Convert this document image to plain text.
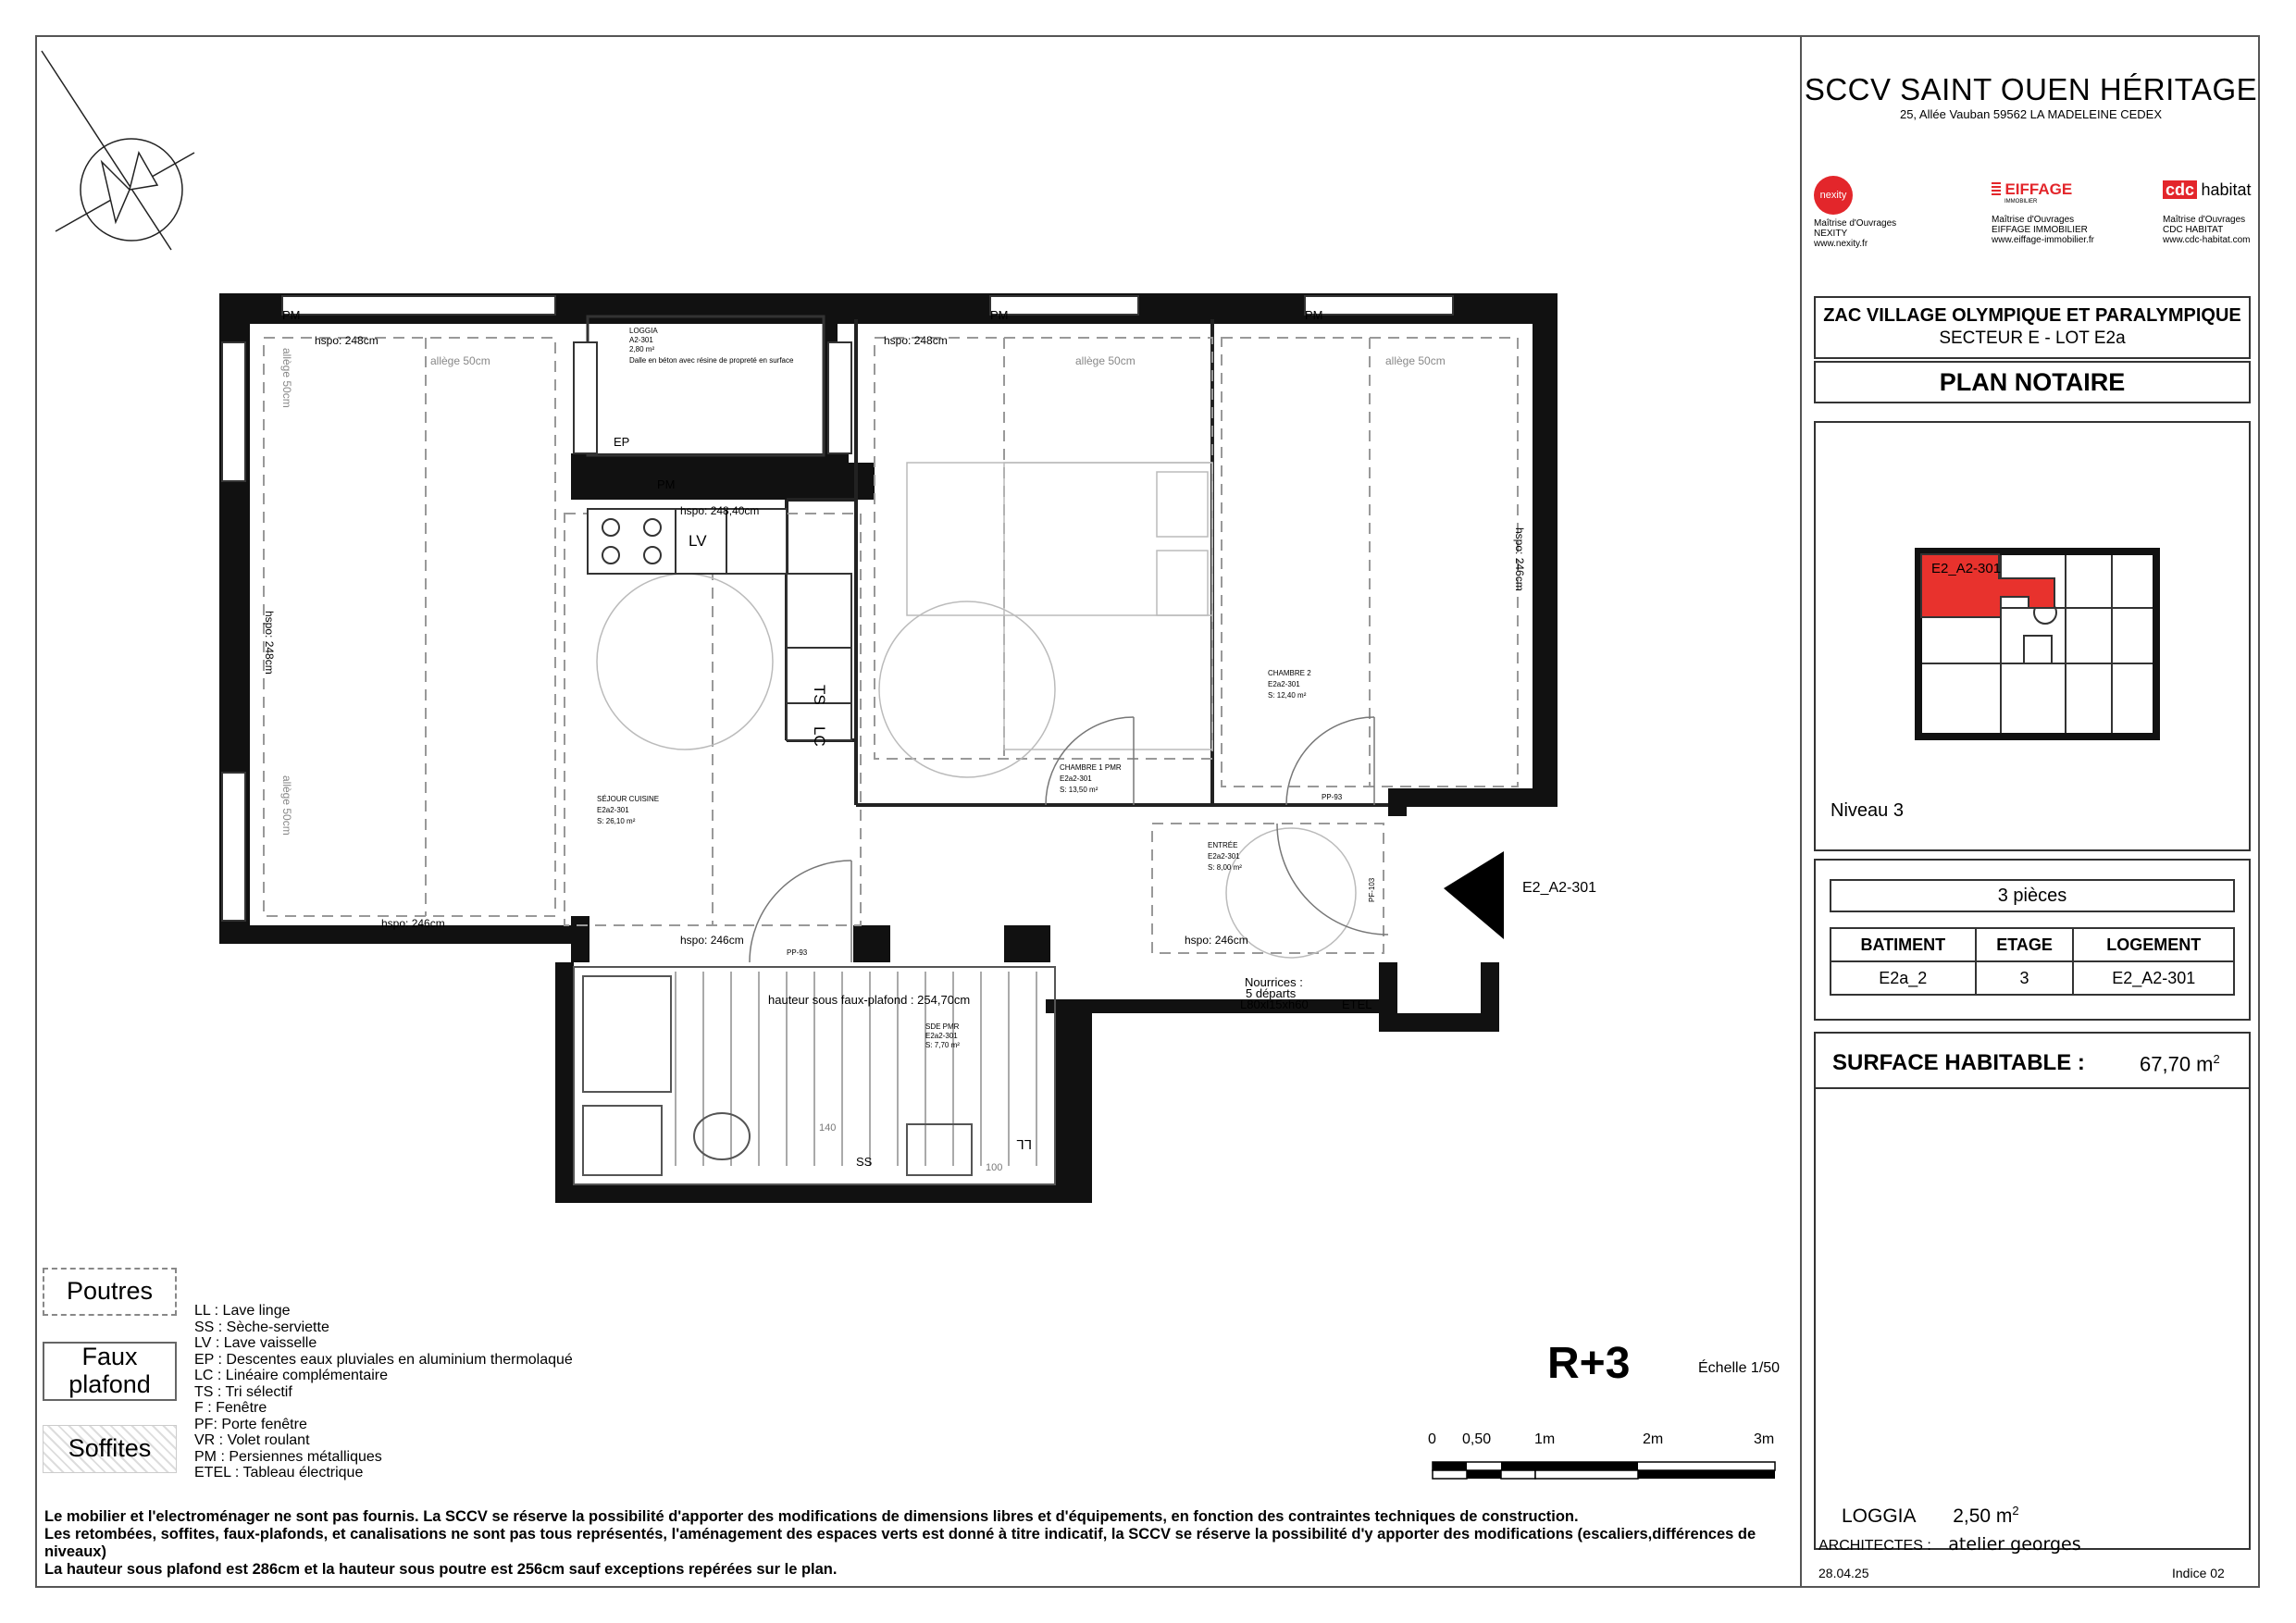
LV
TS
LC
LOGGIA
A2-301
2,80 m²
Dalle en béton avec résine de propreté en surface
hauteur sous faux-plafond : 254,70cm
SDE PMR
E2a2-301
S: 7,70 m²
140
100
SS
LL
SÉJOUR CUISINE
E2a2-301
S: 26,10 m²
CHAMBRE 1 PMR
E2a2-301
S: 13,50 m²
CHAMBRE 2
E2a2-301
S: 12,40 m²
ENTRÉE
E2a2-301
S: 8,00 m²
hspo: 248cm	hspo: 248cm
hspo: 248,40cm
hspo: 246cm
hspo: 246cm	hspo: 246cm
hspo: 248cm
hspo: 246cm
allège 50cm	allège 50cm	allège 50cm
allège 50cm
allège 50cm
PM	PM	PM
PM
EP
PP-93
PP-93
PF-103
Nourrices :
5 départs
L80xl15xh60	ETEL
E2_A2-301
0 0,50	1m	2m	3m
R+3	Échelle 1/50
Poutres
Faux plafond
Soffites
LL : Lave linge
SS : Sèche-serviette
LV : Lave vaisselle
EP : Descentes eaux pluviales en aluminium thermolaqué
LC : Linéaire complémentaire
TS : Tri sélectif
F : Fenêtre
PF: Porte fenêtre
VR : Volet roulant
PM : Persiennes métalliques
ETEL : Tableau électrique
Le mobilier et l'electroménager ne sont pas fournis. La SCCV se réserve la possibilité d'apporter des modifications de dimensions libres et d'équipements, en fonction des contraintes techniques de construction.
Les retombées, soffites, faux-plafonds, et canalisations ne sont pas tous représentés, l'aménagement des espaces verts est donné à titre indicatif, la SCCV se réserve la possibilité d'y apporter des modifications (escaliers,différences de niveaux)
La hauteur sous plafond est 286cm et la hauteur sous poutre est 256cm sauf exceptions repérées sur le plan.
SCCV SAINT OUEN HÉRITAGE
25, Allée Vauban 59562 LA MADELEINE CEDEX
nexity
Maîtrise d'Ouvrages
NEXITY
www.nexity.fr
EIFFAGE
IMMOBILIER
Maîtrise d'Ouvrages
EIFFAGE IMMOBILIER
www.eiffage-immobilier.fr
cdc habitat
Maîtrise d'Ouvrages
CDC HABITAT
www.cdc-habitat.com
ZAC VILLAGE OLYMPIQUE ET PARALYMPIQUE
SECTEUR E - LOT E2a
PLAN NOTAIRE
E2_A2-301
Niveau 3
3 pièces
BATIMENT	ETAGE	LOGEMENT
E2a_2	3	E2_A2-301
SURFACE HABITABLE :	67,70 $m^2$
LOGGIA 2,50 $m^2$
ARCHITECTES : atelier georges
28.04.25	Indice 02
